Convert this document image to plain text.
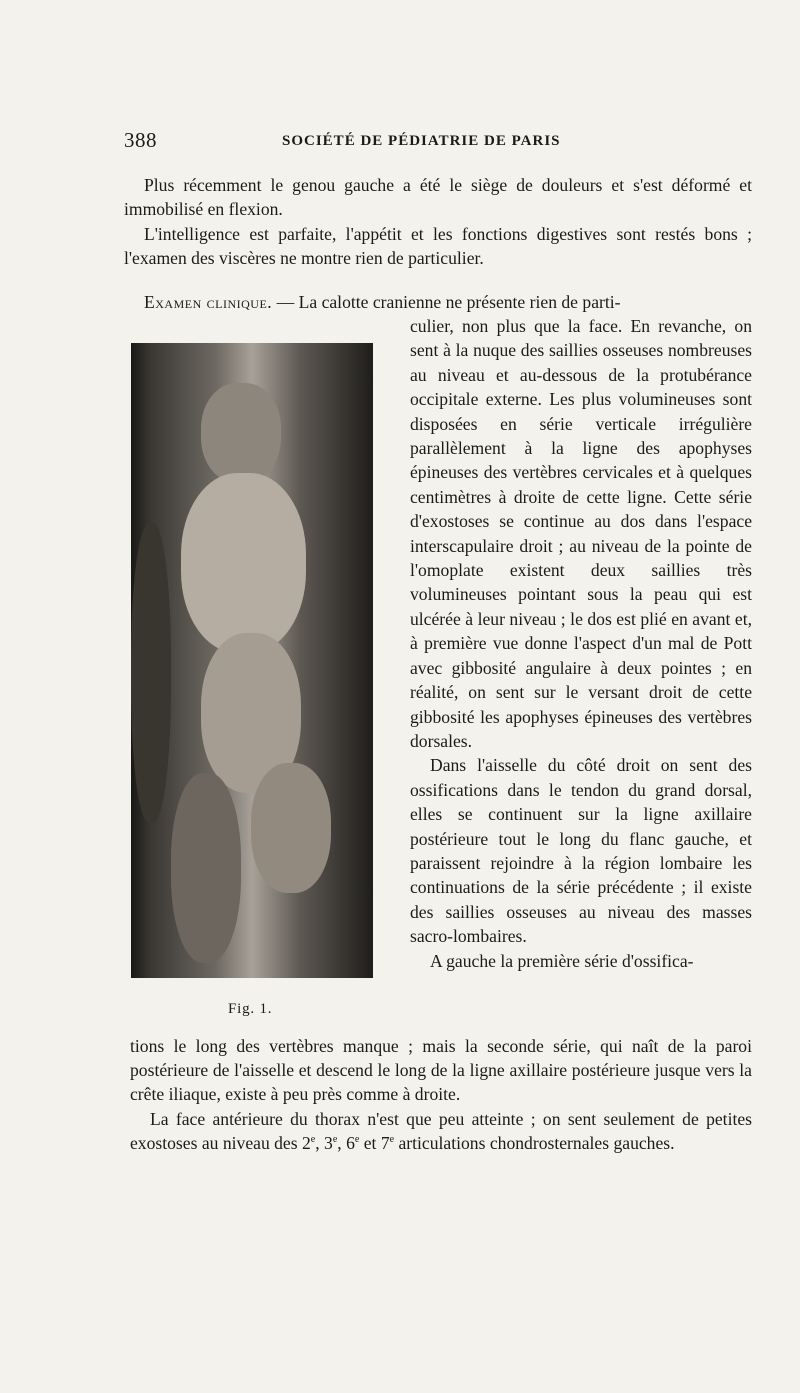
388	SOCIÉTÉ DE PÉDIATRIE DE PARIS

Plus récemment le genou gauche a été le siège de douleurs et s'est déformé et immobilisé en flexion.

L'intelligence est parfaite, l'appétit et les fonctions digestives sont restés bons ; l'examen des viscères ne montre rien de particulier.

Examen clinique. — La calotte cranienne ne présente rien de parti-

Fig. 1.

culier, non plus que la face. En revanche, on sent à la nuque des saillies osseuses nombreuses au niveau et au-dessous de la protubérance occipitale externe. Les plus volumineuses sont disposées en série verticale irrégulière parallèlement à la ligne des apophyses épineuses des vertèbres cervicales et à quelques centimètres à droite de cette ligne. Cette série d'exostoses se continue au dos dans l'espace interscapulaire droit ; au niveau de la pointe de l'omoplate existent deux saillies très volumineuses pointant sous la peau qui est ulcérée à leur niveau ; le dos est plié en avant et, à première vue donne l'aspect d'un mal de Pott avec gibbosité angulaire à deux pointes ; en réalité, on sent sur le versant droit de cette gibbosité les apophyses épineuses des vertèbres dorsales.

Dans l'aisselle du côté droit on sent des ossifications dans le tendon du grand dorsal, elles se continuent sur la ligne axillaire postérieure tout le long du flanc gauche, et paraissent rejoindre à la région lombaire les continuations de la série précédente ; il existe des saillies osseuses au niveau des masses sacro-lombaires.

A gauche la première série d'ossifica-

tions le long des vertèbres manque ; mais la seconde série, qui naît de la paroi postérieure de l'aisselle et descend le long de la ligne axillaire postérieure jusque vers la crête iliaque, existe à peu près comme à droite.

La face antérieure du thorax n'est que peu atteinte ; on sent seulement de petites exostoses au niveau des 2e, 3e, 6e et 7e articulations chondrosternales gauches.
